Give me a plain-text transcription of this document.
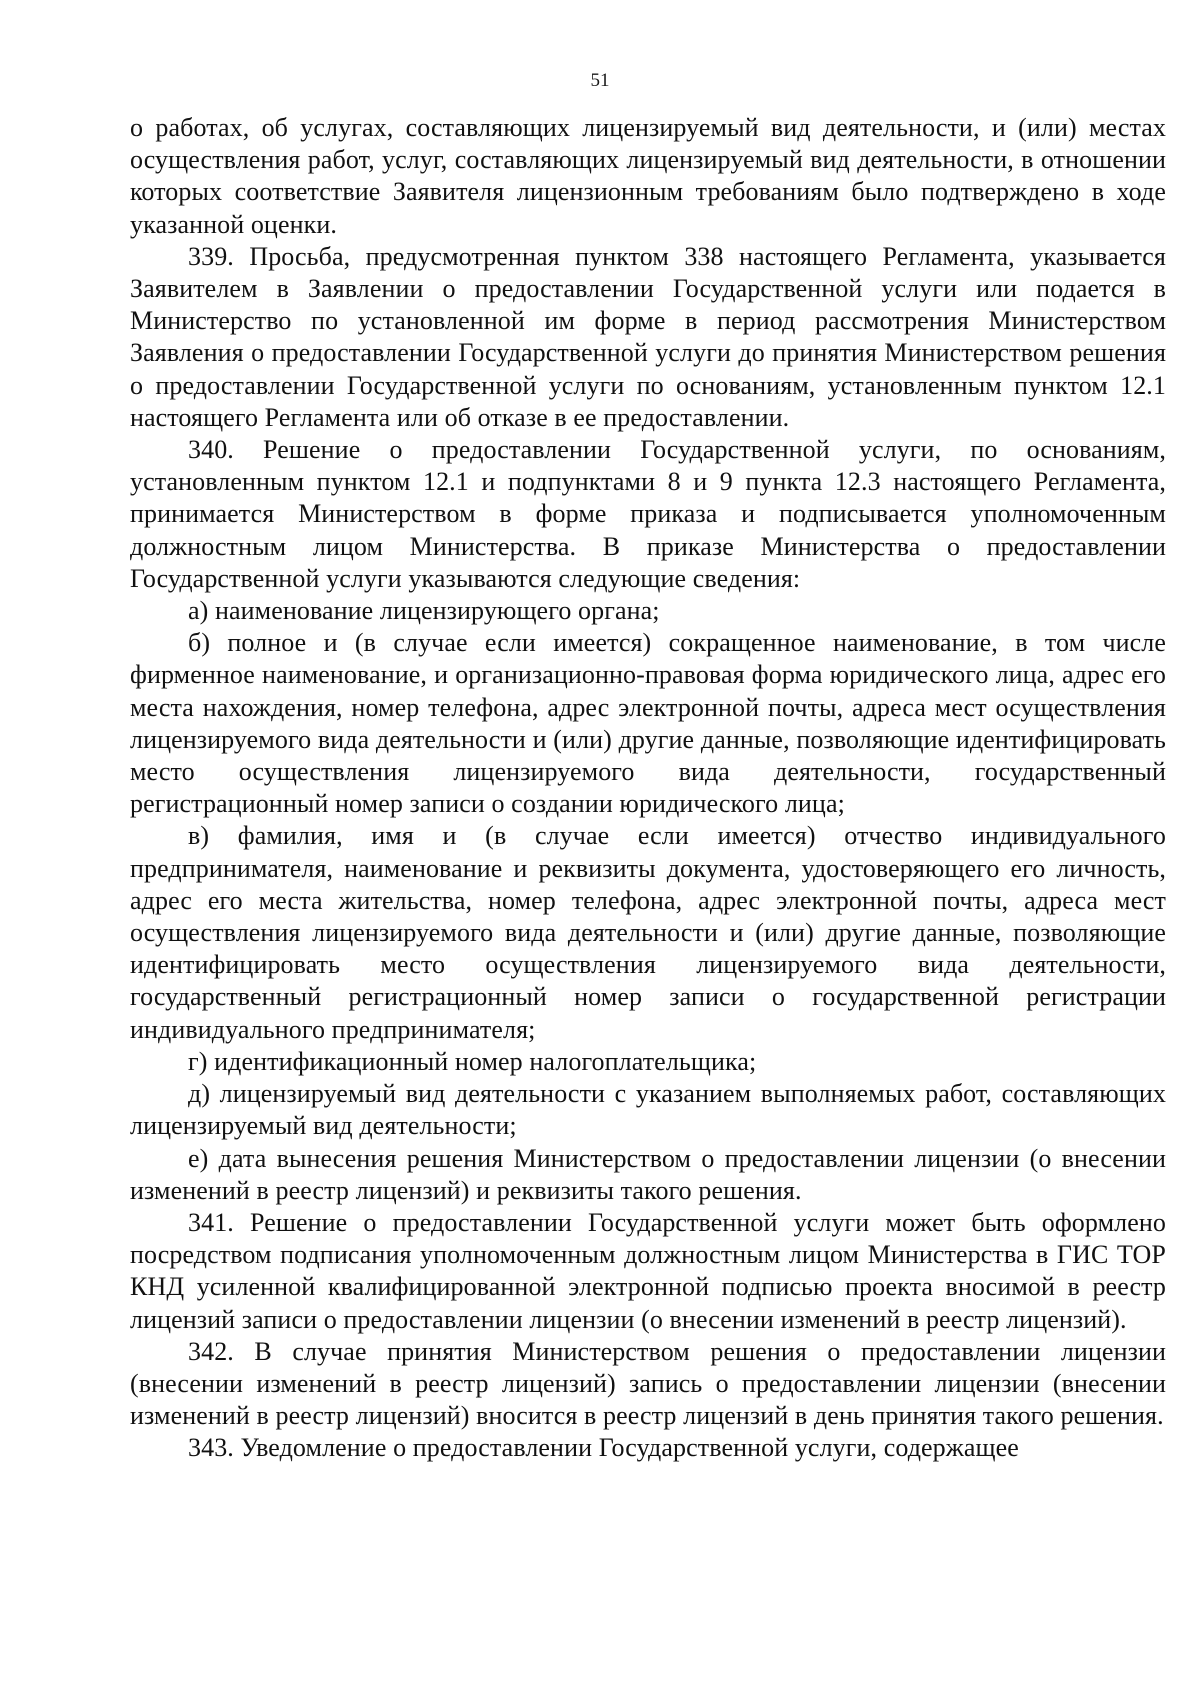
51

о работах, об услугах, составляющих лицензируемый вид деятельности, и (или) местах осуществления работ, услуг, составляющих лицензируемый вид деятельности, в отношении которых соответствие Заявителя лицензионным требованиям было подтверждено в ходе указанной оценки.

339. Просьба, предусмотренная пунктом 338 настоящего Регламента, указывается Заявителем в Заявлении о предоставлении Государственной услуги или подается в Министерство по установленной им форме в период рассмотрения Министерством Заявления о предоставлении Государственной услуги до принятия Министерством решения о предоставлении Государственной услуги по основаниям, установленным пунктом 12.1 настоящего Регламента или об отказе в ее предоставлении.

340. Решение о предоставлении Государственной услуги, по основаниям, установленным пунктом 12.1 и подпунктами 8 и 9 пункта 12.3 настоящего Регламента, принимается Министерством в форме приказа и подписывается уполномоченным должностным лицом Министерства. В приказе Министерства о предоставлении Государственной услуги указываются следующие сведения:

а) наименование лицензирующего органа;

б) полное и (в случае если имеется) сокращенное наименование, в том числе фирменное наименование, и организационно-правовая форма юридического лица, адрес его места нахождения, номер телефона, адрес электронной почты, адреса мест осуществления лицензируемого вида деятельности и (или) другие данные, позволяющие идентифицировать место осуществления лицензируемого вида деятельности, государственный регистрационный номер записи о создании юридического лица;

в) фамилия, имя и (в случае если имеется) отчество индивидуального предпринимателя, наименование и реквизиты документа, удостоверяющего его личность, адрес его места жительства, номер телефона, адрес электронной почты, адреса мест осуществления лицензируемого вида деятельности и (или) другие данные, позволяющие идентифицировать место осуществления лицензируемого вида деятельности, государственный регистрационный номер записи о государственной регистрации индивидуального предпринимателя;

г) идентификационный номер налогоплательщика;

д) лицензируемый вид деятельности с указанием выполняемых работ, составляющих лицензируемый вид деятельности;

е) дата вынесения решения Министерством о предоставлении лицензии (о внесении изменений в реестр лицензий) и реквизиты такого решения.

341. Решение о предоставлении Государственной услуги может быть оформлено посредством подписания уполномоченным должностным лицом Министерства в ГИС ТОР КНД усиленной квалифицированной электронной подписью проекта вносимой в реестр лицензий записи о предоставлении лицензии (о внесении изменений в реестр лицензий).

342. В случае принятия Министерством решения о предоставлении лицензии (внесении изменений в реестр лицензий) запись о предоставлении лицензии (внесении изменений в реестр лицензий) вносится в реестр лицензий в день принятия такого решения.

343. Уведомление о предоставлении Государственной услуги, содержащее
